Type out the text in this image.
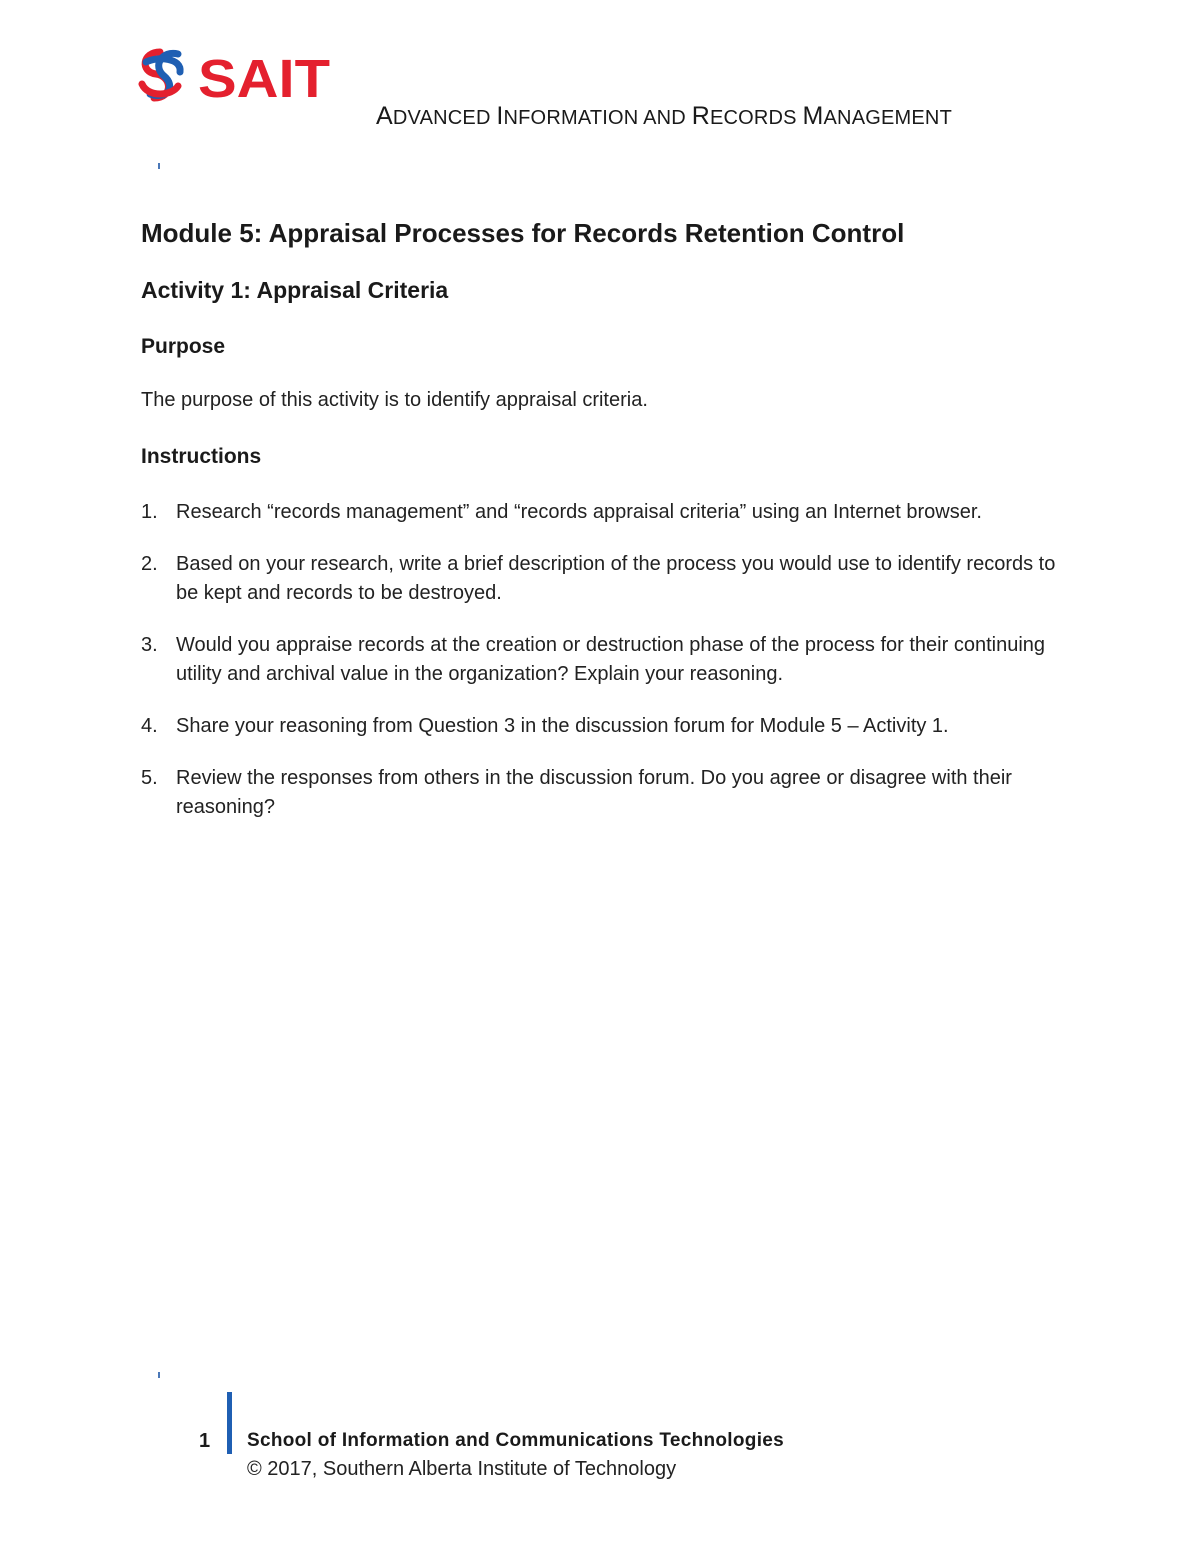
SAIT
ADVANCED INFORMATION AND RECORDS MANAGEMENT
Module 5: Appraisal Processes for Records Retention Control
Activity 1: Appraisal Criteria
Purpose
The purpose of this activity is to identify appraisal criteria.
Instructions
1. Research “records management” and “records appraisal criteria” using an Internet browser.
2. Based on your research, write a brief description of the process you would use to identify records to be kept and records to be destroyed.
3. Would you appraise records at the creation or destruction phase of the process for their continuing utility and archival value in the organization? Explain your reasoning.
4. Share your reasoning from Question 3 in the discussion forum for Module 5 – Activity 1.
5. Review the responses from others in the discussion forum. Do you agree or disagree with their reasoning?
1 School of Information and Communications Technologies
© 2017, Southern Alberta Institute of Technology
